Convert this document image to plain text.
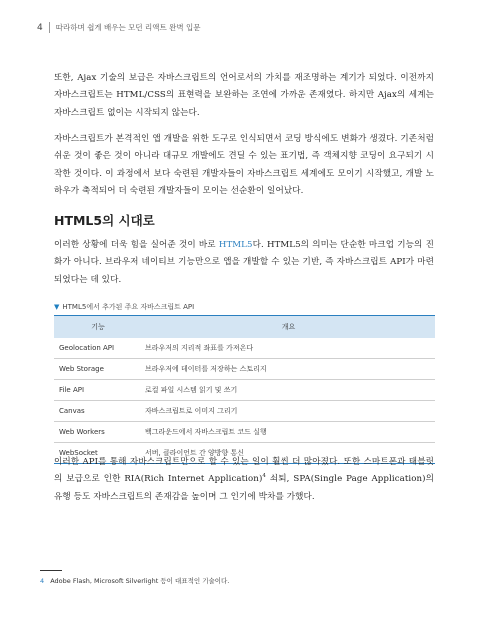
4 따라하며 쉽게 배우는 모던 리액트 완벽 입문
또한, Ajax 기술의 보급은 자바스크립트의 언어로서의 가치를 재조명하는 계기가 되었다. 이전까지 자바스크립트는 HTML/CSS의 표현력을 보완하는 조연에 가까운 존재였다. 하지만 Ajax의 세계는 자바스크립트 없이는 시작되지 않는다.
자바스크립트가 본격적인 앱 개발을 위한 도구로 인식되면서 코딩 방식에도 변화가 생겼다. 기존처럼 쉬운 것이 좋은 것이 아니라 대규모 개발에도 견딜 수 있는 표기법, 즉 객체지향 코딩이 요구되기 시작한 것이다. 이 과정에서 보다 숙련된 개발자들이 자바스크립트 세계에도 모이기 시작했고, 개발 노하우가 축적되어 더 숙련된 개발자들이 모이는 선순환이 일어났다.
HTML5의 시대로
이러한 상황에 더욱 힘을 실어준 것이 바로 HTML5다. HTML5의 의미는 단순한 마크업 기능의 진화가 아니다. 브라우저 네이티브 기능만으로 앱을 개발할 수 있는 기반, 즉 자바스크립트 API가 마련되었다는 데 있다.
▼ HTML5에서 추가된 주요 자바스크립트 API
기능	개요
Geolocation API	브라우저의 지리적 좌표를 가져온다
Web Storage	브라우저에 데이터를 저장하는 스토리지
File API	로컬 파일 시스템 읽기 및 쓰기
Canvas	자바스크립트로 이미지 그리기
Web Workers	백그라운드에서 자바스크립트 코드 실행
WebSocket	서버, 클라이언트 간 양방향 통신
이러한 API를 통해 자바스크립트만으로 할 수 있는 일이 훨씬 더 많아졌다. 또한 스마트폰과 태블릿의 보급으로 인한 RIA(Rich Internet Application)$^4$ 쇠퇴, SPA(Single Page Application)의 유행 등도 자바스크립트의 존재감을 높이며 그 인기에 박차를 가했다.
4 Adobe Flash, Microsoft Silverlight 등이 대표적인 기술이다.
